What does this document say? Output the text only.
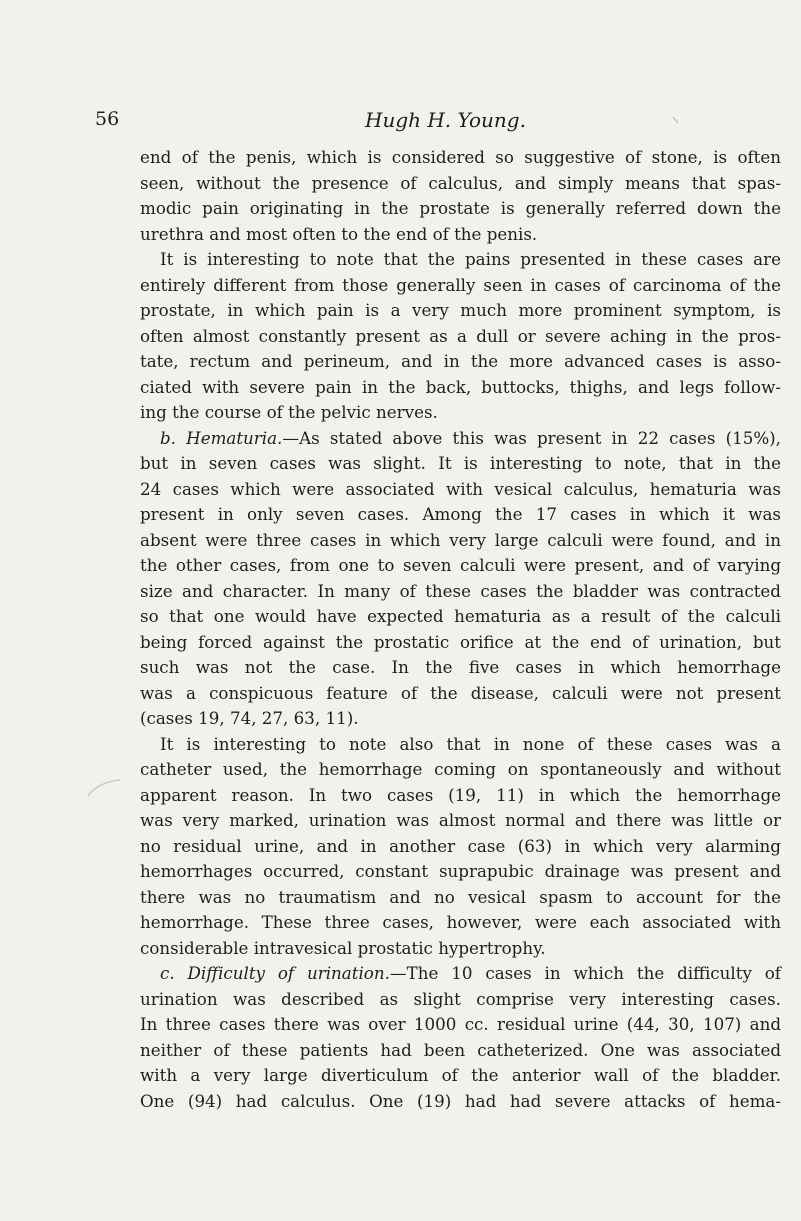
56	Hugh H. Young.

end of the penis, which is considered so suggestive of stone, is often

seen, without the presence of calculus, and simply means that spas-

modic pain originating in the prostate is generally referred down the

urethra and most often to the end of the penis.

It is interesting to note that the pains presented in these cases are

entirely different from those generally seen in cases of carcinoma of the

prostate, in which pain is a very much more prominent symptom, is

often almost constantly present as a dull or severe aching in the pros-

tate, rectum and perineum, and in the more advanced cases is asso-

ciated with severe pain in the back, buttocks, thighs, and legs follow-

ing the course of the pelvic nerves.

b. Hematuria.—As stated above this was present in 22 cases (15%),

but in seven cases was slight. It is interesting to note, that in the

24 cases which were associated with vesical calculus, hematuria was

present in only seven cases. Among the 17 cases in which it was

absent were three cases in which very large calculi were found, and in

the other cases, from one to seven calculi were present, and of varying

size and character. In many of these cases the bladder was contracted

so that one would have expected hematuria as a result of the calculi

being forced against the prostatic orifice at the end of urination, but

such was not the case. In the five cases in which hemorrhage

was a conspicuous feature of the disease, calculi were not present

(cases 19, 74, 27, 63, 11).

It is interesting to note also that in none of these cases was a

catheter used, the hemorrhage coming on spontaneously and without

apparent reason. In two cases (19, 11) in which the hemorrhage

was very marked, urination was almost normal and there was little or

no residual urine, and in another case (63) in which very alarming

hemorrhages occurred, constant suprapubic drainage was present and

there was no traumatism and no vesical spasm to account for the

hemorrhage. These three cases, however, were each associated with

considerable intravesical prostatic hypertrophy.

c. Difficulty of urination.—The 10 cases in which the difficulty of

urination was described as slight comprise very interesting cases.

In three cases there was over 1000 cc. residual urine (44, 30, 107) and

neither of these patients had been catheterized. One was associated

with a very large diverticulum of the anterior wall of the bladder.

One (94) had calculus. One (19) had had severe attacks of hema-
